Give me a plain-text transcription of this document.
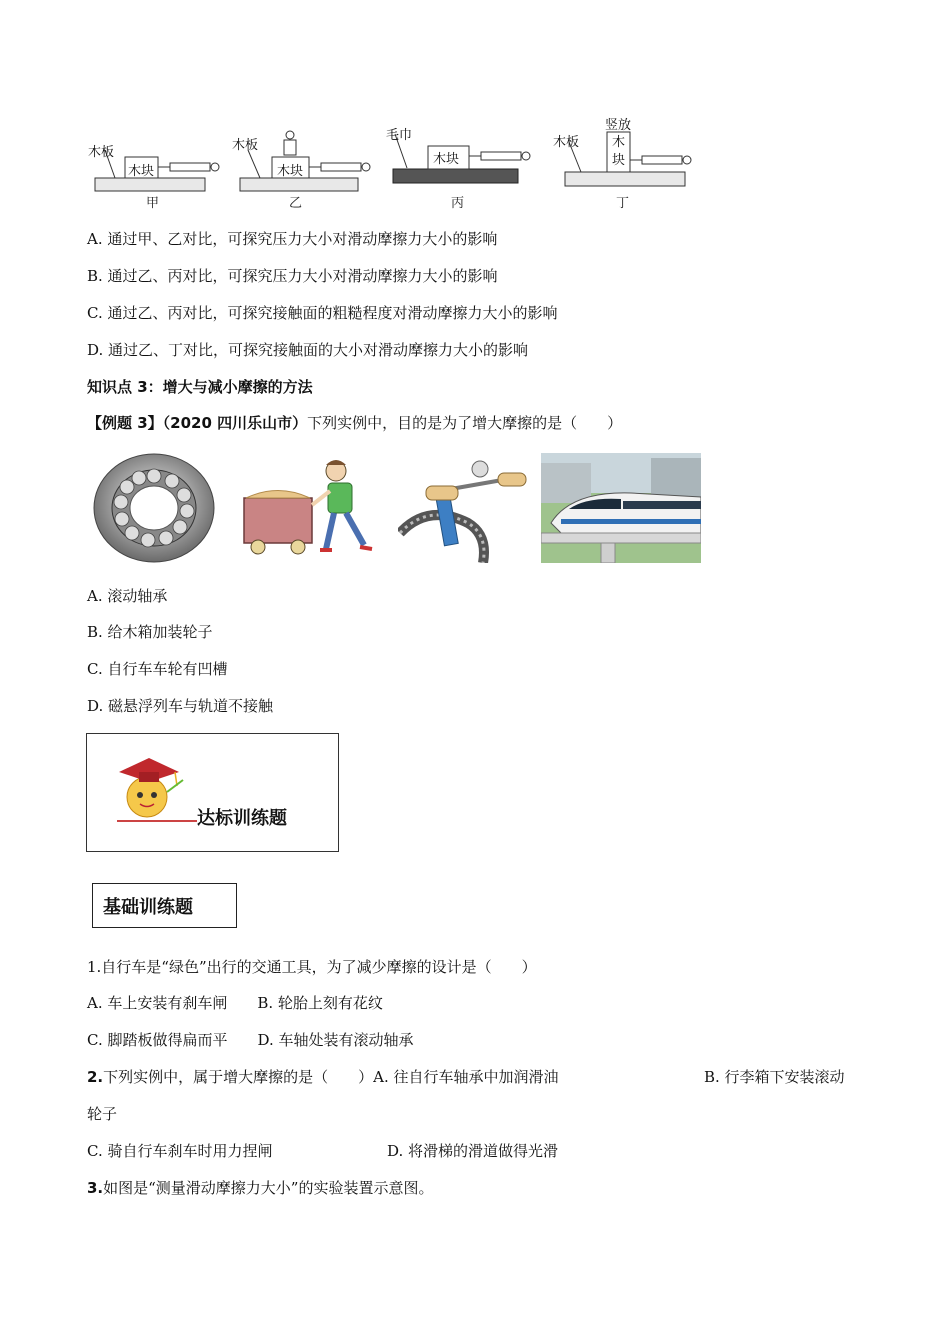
木板
木块
甲
木板
木块
乙
毛巾
木块
丙
木板	木
块
竖放
丁
A. 通过甲、乙对比，可探究压力大小对滑动摩擦力大小的影响
B. 通过乙、丙对比，可探究压力大小对滑动摩擦力大小的影响
C. 通过乙、丙对比，可探究接触面的粗糙程度对滑动摩擦力大小的影响
D. 通过乙、丁对比，可探究接触面的大小对滑动摩擦力大小的影响
知识点 3：增大与减小摩擦的方法
【例题 3】（2020 四川乐山市）下列实例中，目的是为了增大摩擦的是（　　）
A. 滚动轴承
B. 给木箱加装轮子
C. 自行车车轮有凹槽
D. 磁悬浮列车与轨道不接触
达标训练题
基础训练题
1.自行车是“绿色”出行的交通工具，为了减少摩擦的设计是（　　）
A. 车上安装有刹车闸　　B. 轮胎上刻有花纹
C. 脚踏板做得扁而平　　D. 车轴处装有滚动轴承
2.下列实例中，属于增大摩擦的是（　　）A. 往自行车轴承中加润滑油	B. 行李箱下安装滚动
轮子
C. 骑自行车刹车时用力捏闸	D. 将滑梯的滑道做得光滑
3.如图是“测量滑动摩擦力大小”的实验装置示意图。
